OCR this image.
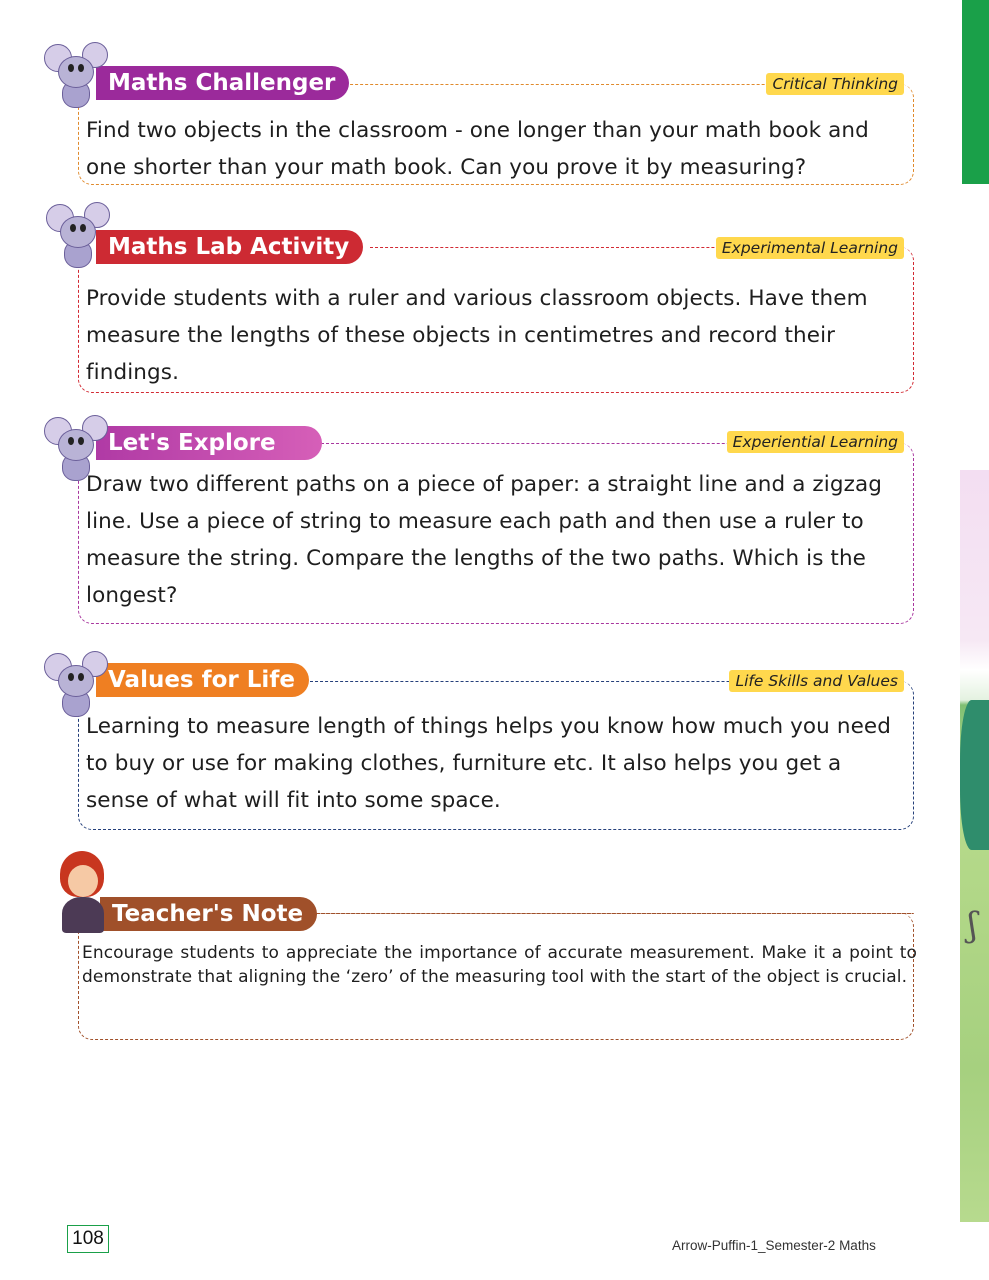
ʃ
Maths Challenger	Critical Thinking
Find two objects in the classroom - one longer than your math book and one shorter than your math book. Can you prove it by measuring?
Maths Lab Activity	Experimental Learning
Provide students with a ruler and various classroom objects. Have them measure the lengths of these objects in centimetres and record their findings.
Let's Explore	Experiential Learning
Draw two different paths on a piece of paper: a straight line and a zigzag line. Use a piece of string to measure each path and then use a ruler to measure the string. Compare the lengths of the two paths. Which is the longest?
Values for Life	Life Skills and Values
Learning to measure length of things helps you know how much you need to buy or use for making clothes, furniture etc. It also helps you get a sense of what will fit into some space.
Teacher's Note
Encourage students to appreciate the importance of accurate measurement. Make it a point to demonstrate that aligning the ‘zero’ of the measuring tool with the start of the object is crucial.
108	Arrow-Puffin-1_Semester-2 Maths
